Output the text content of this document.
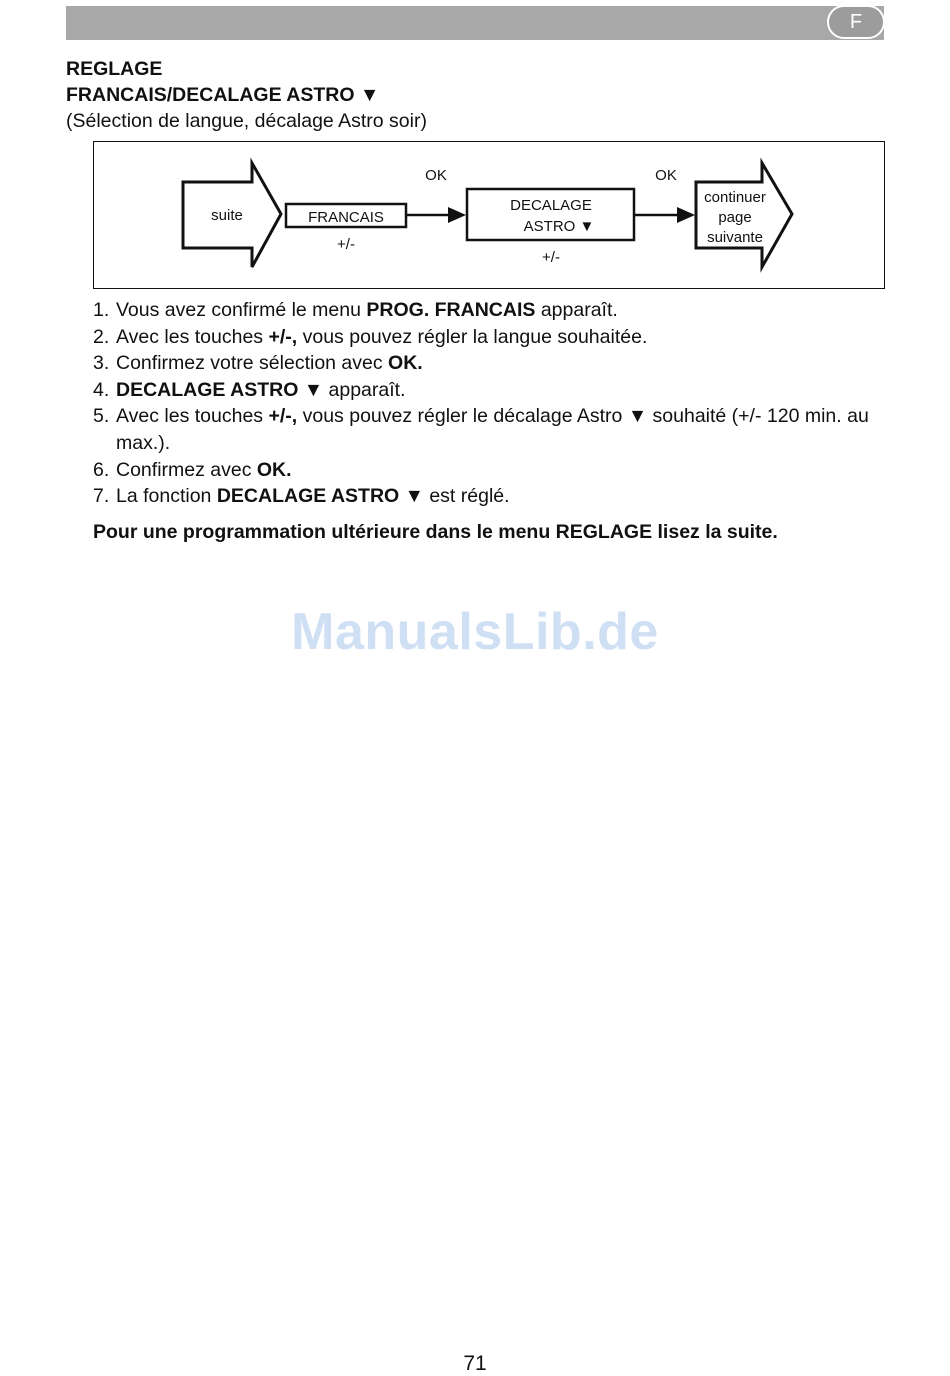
F
REGLAGE
FRANCAIS/DECALAGE ASTRO ▼
(Sélection de langue, décalage Astro soir)
suite	FRANCAIS
+/-
OK
DECALAGE
ASTRO ▼
+/-
OK
continuer
page
suivante
1. Vous avez confirmé le menu PROG. FRANCAIS apparaît.
2. Avec les touches +/-, vous pouvez régler la langue souhaitée.
3. Confirmez votre sélection avec OK.
4. DECALAGE ASTRO ▼ apparaît.
5. Avec les touches +/-, vous pouvez régler le décalage Astro ▼ souhaité (+/- 120 min. au max.).
6. Confirmez avec OK.
7. La fonction DECALAGE ASTRO ▼ est réglé.
Pour une programmation ultérieure dans le menu REGLAGE lisez la suite.
ManualsLib.de
71
